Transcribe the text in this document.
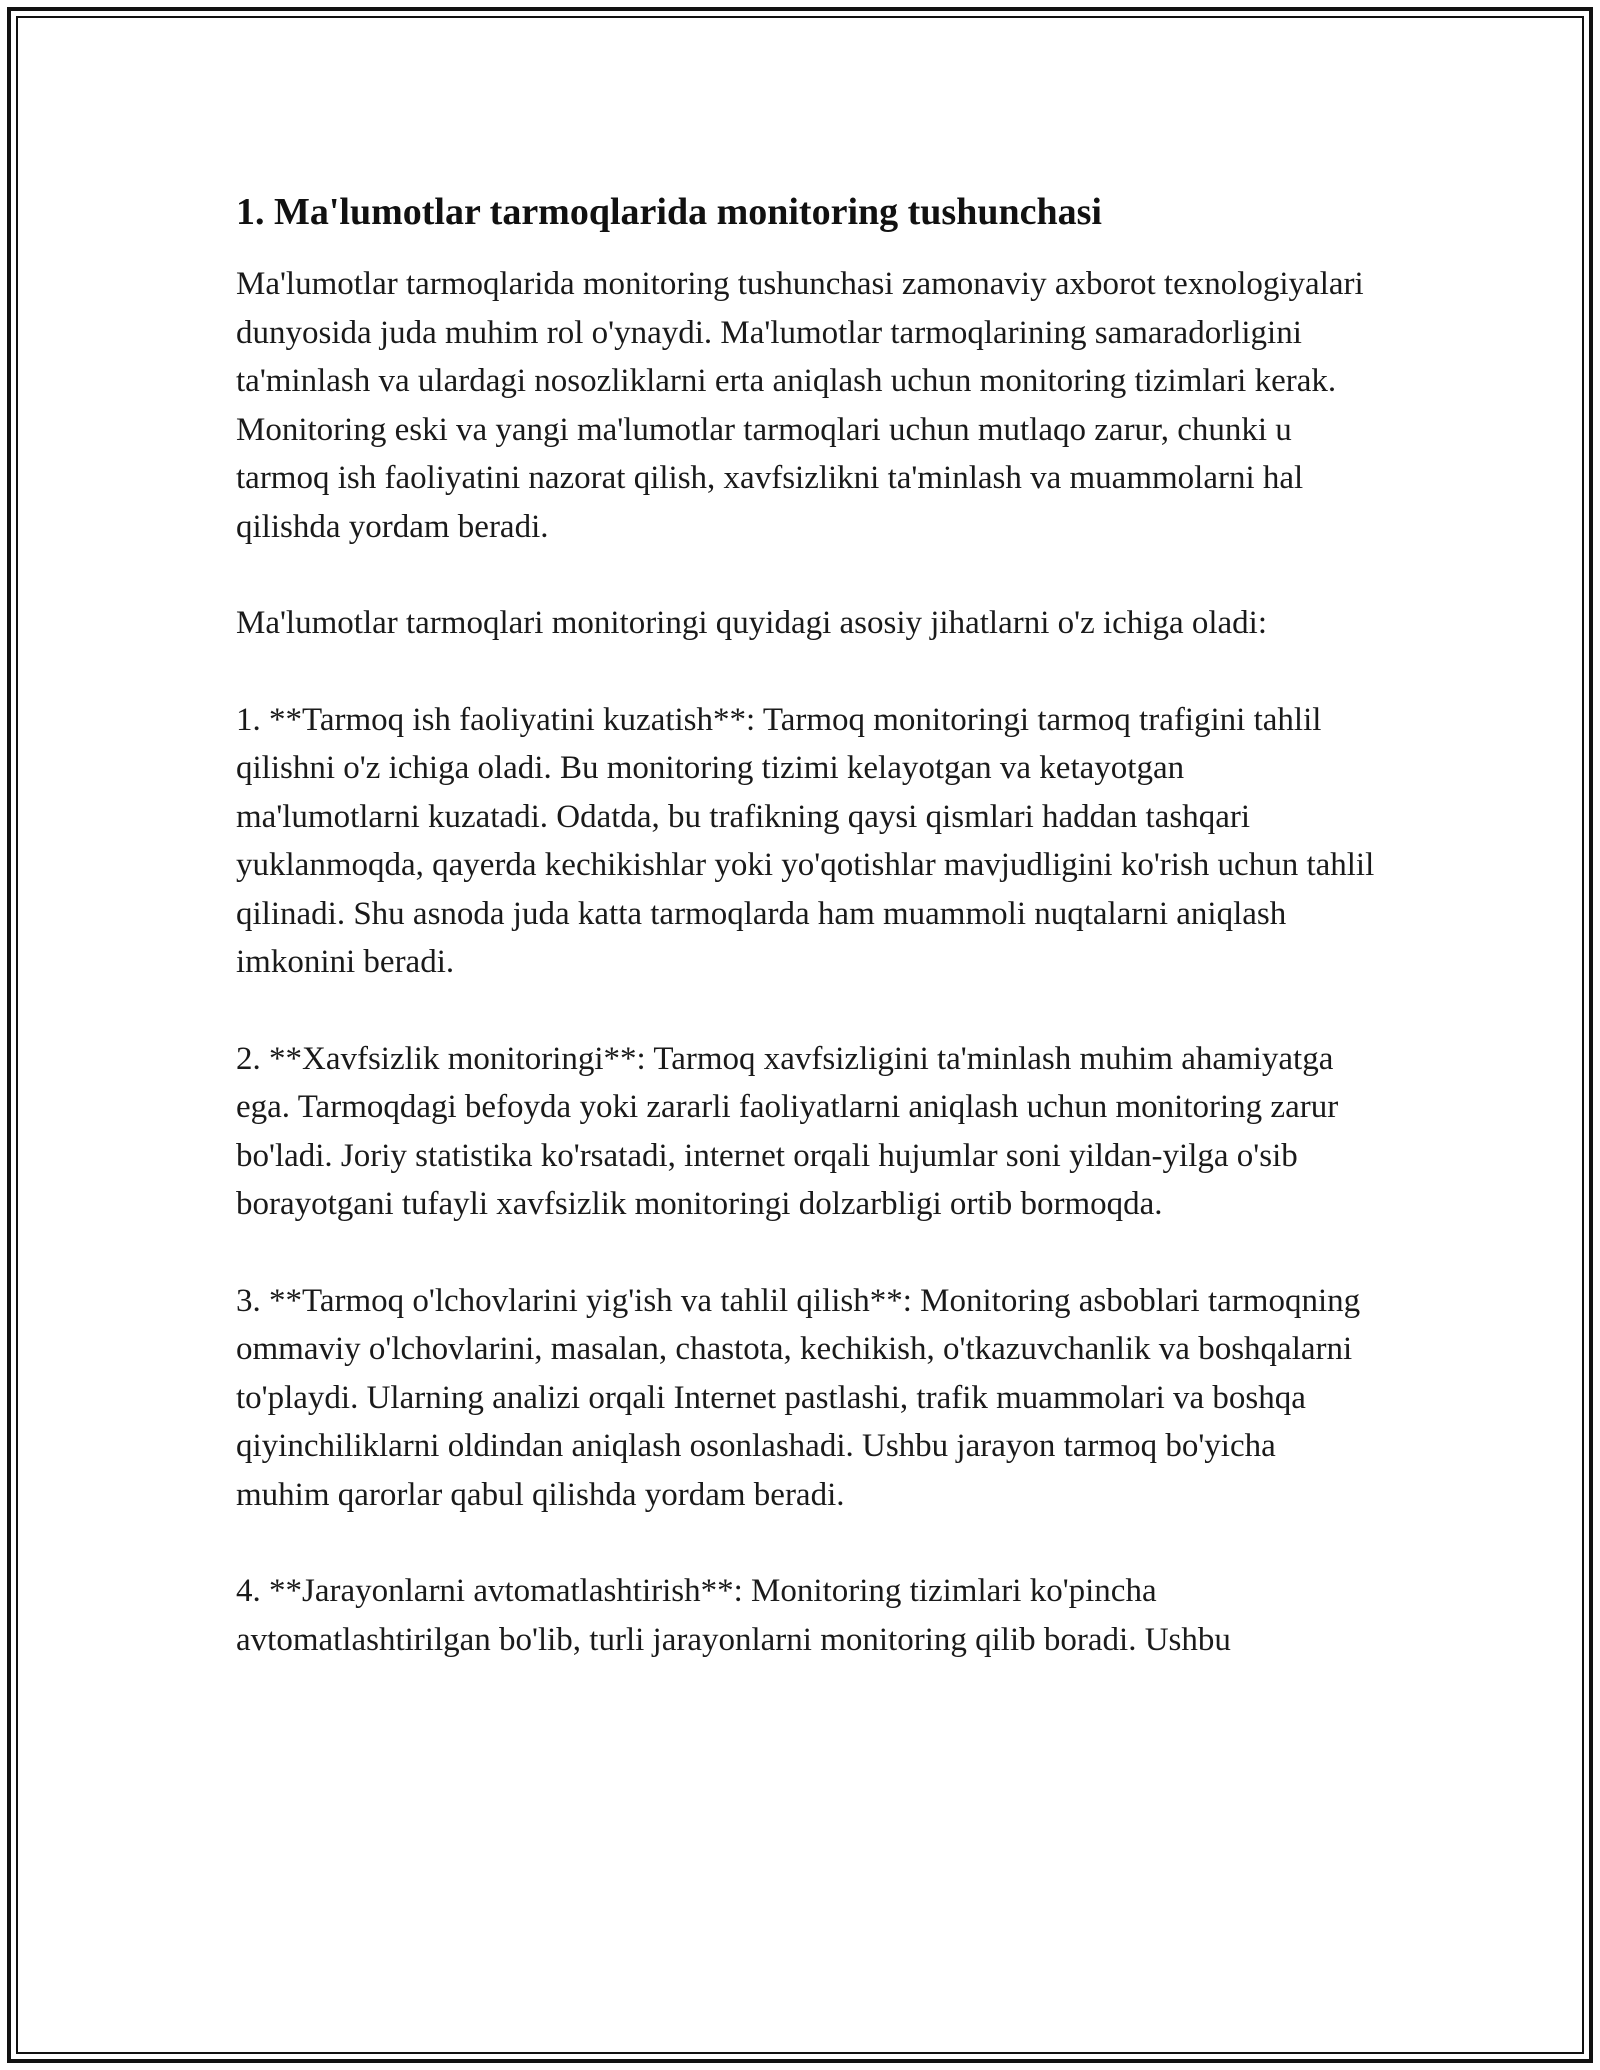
1. Ma'lumotlar tarmoqlarida monitoring tushunchasi

Ma'lumotlar tarmoqlarida monitoring tushunchasi zamonaviy axborot texnologiyalari dunyosida juda muhim rol o'ynaydi. Ma'lumotlar tarmoqlarining samaradorligini ta'minlash va ulardagi nosozliklarni erta aniqlash uchun monitoring tizimlari kerak. Monitoring eski va yangi ma'lumotlar tarmoqlari uchun mutlaqo zarur, chunki u tarmoq ish faoliyatini nazorat qilish, xavfsizlikni ta'minlash va muammolarni hal qilishda yordam beradi.

Ma'lumotlar tarmoqlari monitoringi quyidagi asosiy jihatlarni o'z ichiga oladi:

1. **Tarmoq ish faoliyatini kuzatish**: Tarmoq monitoringi tarmoq trafigini tahlil qilishni o'z ichiga oladi. Bu monitoring tizimi kelayotgan va ketayotgan ma'lumotlarni kuzatadi. Odatda, bu trafikning qaysi qismlari haddan tashqari yuklanmoqda, qayerda kechikishlar yoki yo'qotishlar mavjudligini ko'rish uchun tahlil qilinadi. Shu asnoda juda katta tarmoqlarda ham muammoli nuqtalarni aniqlash imkonini beradi.

2. **Xavfsizlik monitoringi**: Tarmoq xavfsizligini ta'minlash muhim ahamiyatga ega. Tarmoqdagi befoyda yoki zararli faoliyatlarni aniqlash uchun monitoring zarur bo'ladi. Joriy statistika ko'rsatadi, internet orqali hujumlar soni yildan-yilga o'sib borayotgani tufayli xavfsizlik monitoringi dolzarbligi ortib bormoqda.

3. **Tarmoq o'lchovlarini yig'ish va tahlil qilish**: Monitoring asboblari tarmoqning ommaviy o'lchovlarini, masalan, chastota, kechikish, o'tkazuvchanlik va boshqalarni to'playdi. Ularning analizi orqali Internet pastlashi, trafik muammolari va boshqa qiyinchiliklarni oldindan aniqlash osonlashadi. Ushbu jarayon tarmoq bo'yicha muhim qarorlar qabul qilishda yordam beradi.

4. **Jarayonlarni avtomatlashtirish**: Monitoring tizimlari ko'pincha avtomatlashtirilgan bo'lib, turli jarayonlarni monitoring qilib boradi. Ushbu
